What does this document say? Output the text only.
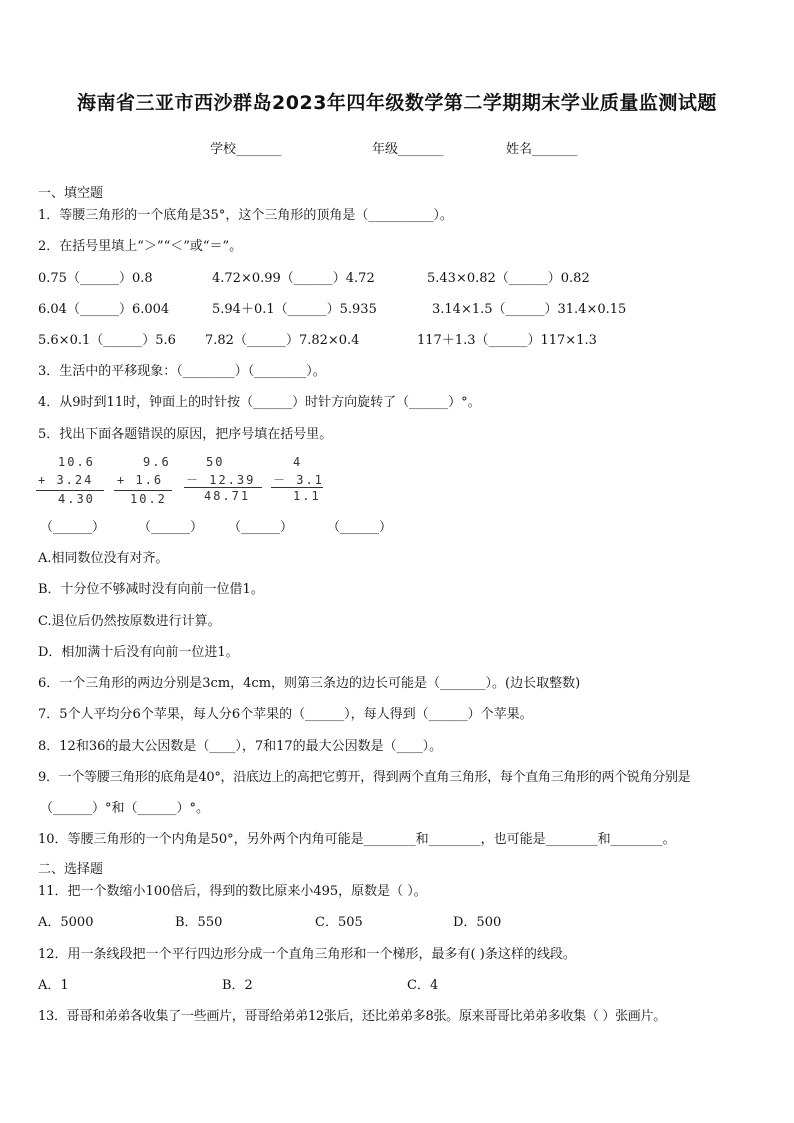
海南省三亚市西沙群岛2023年四年级数学第二学期期末学业质量监测试题
学校_______	年级_______	姓名_______
一、填空题
1．等腰三角形的一个底角是35°，这个三角形的顶角是（__________）。
2．在括号里填上“＞”“＜”或“＝”。
0.75（______）0.8	4.72×0.99（______）4.72	5.43×0.82（______）0.82
6.04（______）6.004	5.94＋0.1（______）5.935	3.14×1.5（______）31.4×0.15
5.6×0.1（______）5.6 7.82（______）7.82×0.4	117＋1.3（______）117×1.3
3．生活中的平移现象：（________）（________）。
4．从9时到11时，钟面上的时针按（______）时针方向旋转了（______）°。
5．找出下面各题错误的原因，把序号填在括号里。
10.6
+ 3.24
4.30
9.6
+ 1.6
10.2
50
－ 12.39
48.71
4
－ 3.1
1.1
（______）	（______） （______）	（______）
A.相同数位没有对齐。
B．十分位不够减时没有向前一位借1。
C.退位后仍然按原数进行计算。
D．相加满十后没有向前一位进1。
6．一个三角形的两边分别是3cm，4cm，则第三条边的边长可能是（_______）。(边长取整数)
7．5个人平均分6个苹果，每人分6个苹果的（______），每人得到（______）个苹果。
8．12和36的最大公因数是（____），7和17的最大公因数是（____）。
9．一个等腰三角形的底角是40°，沿底边上的高把它剪开，得到两个直角三角形，每个直角三角形的两个锐角分别是
（______）°和（______）°。
10．等腰三角形的一个内角是50°，另外两个内角可能是________和________，也可能是________和________。
二、选择题
11．把一个数缩小100倍后，得到的数比原来小495，原数是（ ）。
A．5000	B．550	C．505	D．500
12．用一条线段把一个平行四边形分成一个直角三角形和一个梯形，最多有( )条这样的线段。
A．1	B．2	C．4
13．哥哥和弟弟各收集了一些画片，哥哥给弟弟12张后，还比弟弟多8张。原来哥哥比弟弟多收集（ ）张画片。
